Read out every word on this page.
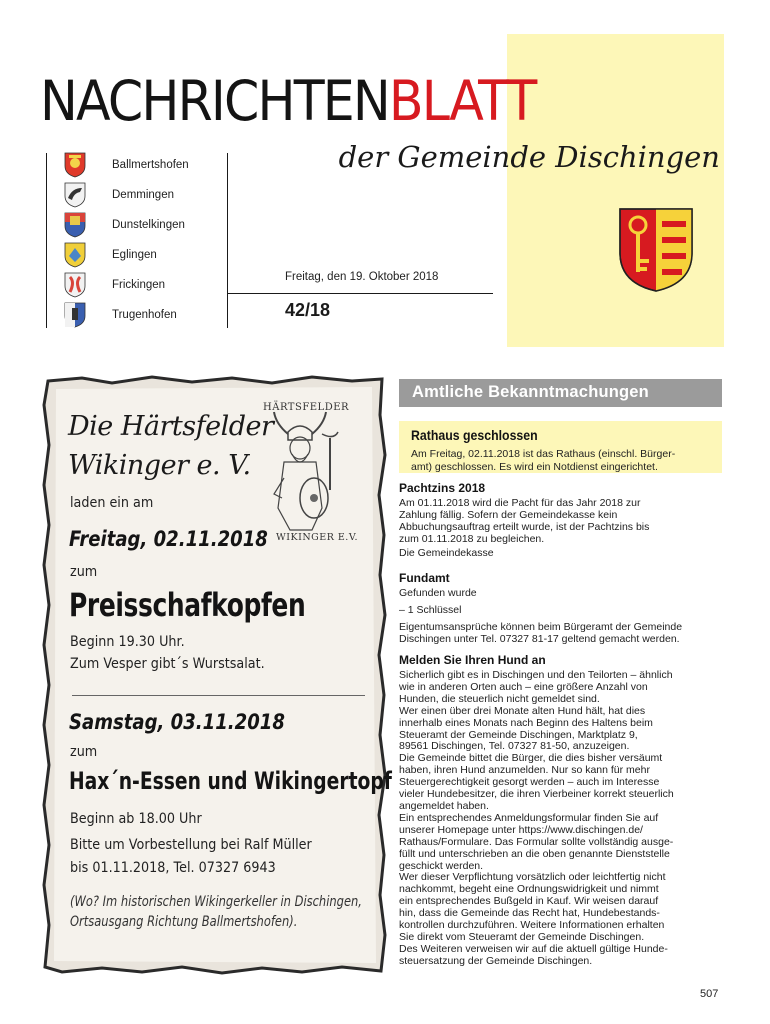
NACHRICHTENBLATT
der Gemeinde Dischingen
Ballmertshofen
Demmingen
Dunstelkingen
Eglingen
Frickingen
Trugenhofen
Freitag, den 19. Oktober 2018
42/18
Die Härtsfelder
Wikinger e. V.
HÄRTSFELDER
WIKINGER E.V.
laden ein am
Freitag, 02.11.2018
zum
Preisschafkopfen
Beginn 19.30 Uhr.
Zum Vesper gibt´s Wurstsalat.
Samstag, 03.11.2018
zum
Hax´n-Essen und Wikingertopf
Beginn ab 18.00 Uhr
Bitte um Vorbestellung bei Ralf Müller
bis 01.11.2018, Tel. 07327 6943
(Wo? Im historischen Wikingerkeller in Dischingen,
Ortsausgang Richtung Ballmertshofen).
Amtliche Bekanntmachungen
Rathaus geschlossen
Am Freitag, 02.11.2018 ist das Rathaus (einschl. Bürger-
amt) geschlossen. Es wird ein Notdienst eingerichtet.
Pachtzins 2018
Am 01.11.2018 wird die Pacht für das Jahr 2018 zur
Zahlung fällig. Sofern der Gemeindekasse kein
Abbuchungsauftrag erteilt wurde, ist der Pachtzins bis
zum 01.11.2018 zu begleichen.
Die Gemeindekasse
Fundamt
Gefunden wurde
– 1 Schlüssel
Eigentumsansprüche können beim Bürgeramt der Gemeinde
Dischingen unter Tel. 07327 81-17 geltend gemacht werden.
Melden Sie Ihren Hund an
Sicherlich gibt es in Dischingen und den Teilorten – ähnlich
wie in anderen Orten auch – eine größere Anzahl von
Hunden, die steuerlich nicht gemeldet sind.
Wer einen über drei Monate alten Hund hält, hat dies
innerhalb eines Monats nach Beginn des Haltens beim
Steueramt der Gemeinde Dischingen, Marktplatz 9,
89561 Dischingen, Tel. 07327 81-50, anzuzeigen.
Die Gemeinde bittet die Bürger, die dies bisher versäumt
haben, ihren Hund anzumelden. Nur so kann für mehr
Steuergerechtigkeit gesorgt werden – auch im Interesse
vieler Hundebesitzer, die ihren Vierbeiner korrekt steuerlich
angemeldet haben.
Ein entsprechendes Anmeldungsformular finden Sie auf
unserer Homepage unter https://www.dischingen.de/
Rathaus/Formulare. Das Formular sollte vollständig ausge-
füllt und unterschrieben an die oben genannte Dienststelle
geschickt werden.
Wer dieser Verpflichtung vorsätzlich oder leichtfertig nicht
nachkommt, begeht eine Ordnungswidrigkeit und nimmt
ein entsprechendes Bußgeld in Kauf. Wir weisen darauf
hin, dass die Gemeinde das Recht hat, Hundebestands-
kontrollen durchzuführen. Weitere Informationen erhalten
Sie direkt vom Steueramt der Gemeinde Dischingen.
Des Weiteren verweisen wir auf die aktuell gültige Hunde-
steuersatzung der Gemeinde Dischingen.
507
